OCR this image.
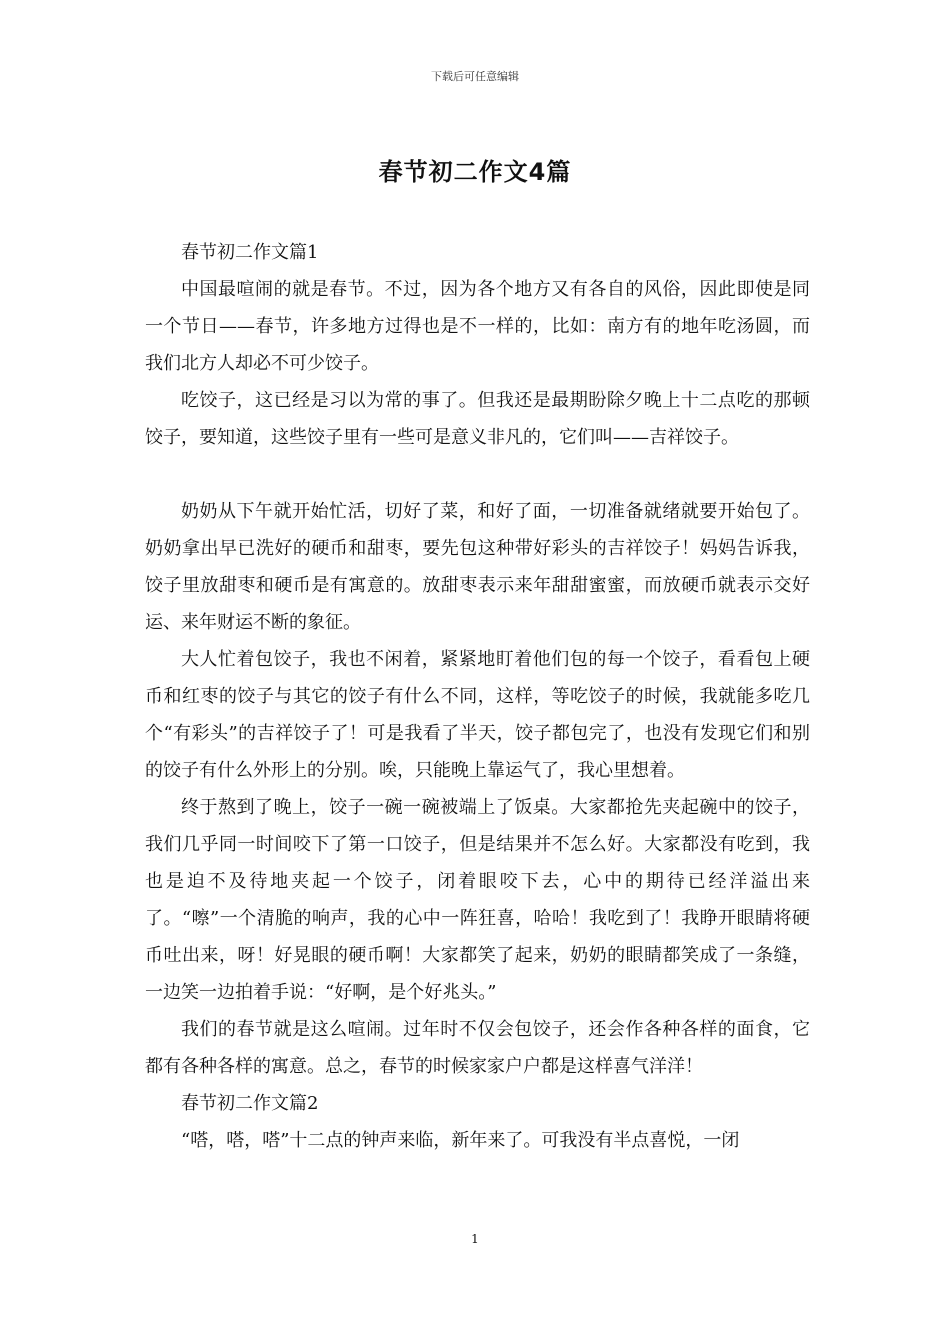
下载后可任意编辑
春节初二作文4篇

春节初二作文篇1

中国最喧闹的就是春节。不过，因为各个地方又有各自的风俗，因此即使是同一个节日——春节，许多地方过得也是不一样的，比如：南方有的地年吃汤圆，而我们北方人却必不可少饺子。

吃饺子，这已经是习以为常的事了。但我还是最期盼除夕晚上十二点吃的那顿饺子，要知道，这些饺子里有一些可是意义非凡的，它们叫——吉祥饺子。

奶奶从下午就开始忙活，切好了菜，和好了面，一切准备就绪就要开始包了。奶奶拿出早已洗好的硬币和甜枣，要先包这种带好彩头的吉祥饺子！妈妈告诉我，饺子里放甜枣和硬币是有寓意的。放甜枣表示来年甜甜蜜蜜，而放硬币就表示交好运、来年财运不断的象征。

大人忙着包饺子，我也不闲着，紧紧地盯着他们包的每一个饺子，看看包上硬币和红枣的饺子与其它的饺子有什么不同，这样，等吃饺子的时候，我就能多吃几个“有彩头”的吉祥饺子了！可是我看了半天，饺子都包完了，也没有发现它们和别的饺子有什么外形上的分别。唉，只能晚上靠运气了，我心里想着。

终于熬到了晚上，饺子一碗一碗被端上了饭桌。大家都抢先夹起碗中的饺子，我们几乎同一时间咬下了第一口饺子，但是结果并不怎么好。大家都没有吃到，我也是迫不及待地夹起一个饺子，闭着眼咬下去，心中的期待已经洋溢出来了。“嚓”一个清脆的响声，我的心中一阵狂喜，哈哈！我吃到了！我睁开眼睛将硬币吐出来，呀！好晃眼的硬币啊！大家都笑了起来，奶奶的眼睛都笑成了一条缝，一边笑一边拍着手说：“好啊，是个好兆头。”

我们的春节就是这么喧闹。过年时不仅会包饺子，还会作各种各样的面食，它都有各种各样的寓意。总之，春节的时候家家户户都是这样喜气洋洋！

春节初二作文篇2

“嗒，嗒，嗒”十二点的钟声来临，新年来了。可我没有半点喜悦，一闭

1
